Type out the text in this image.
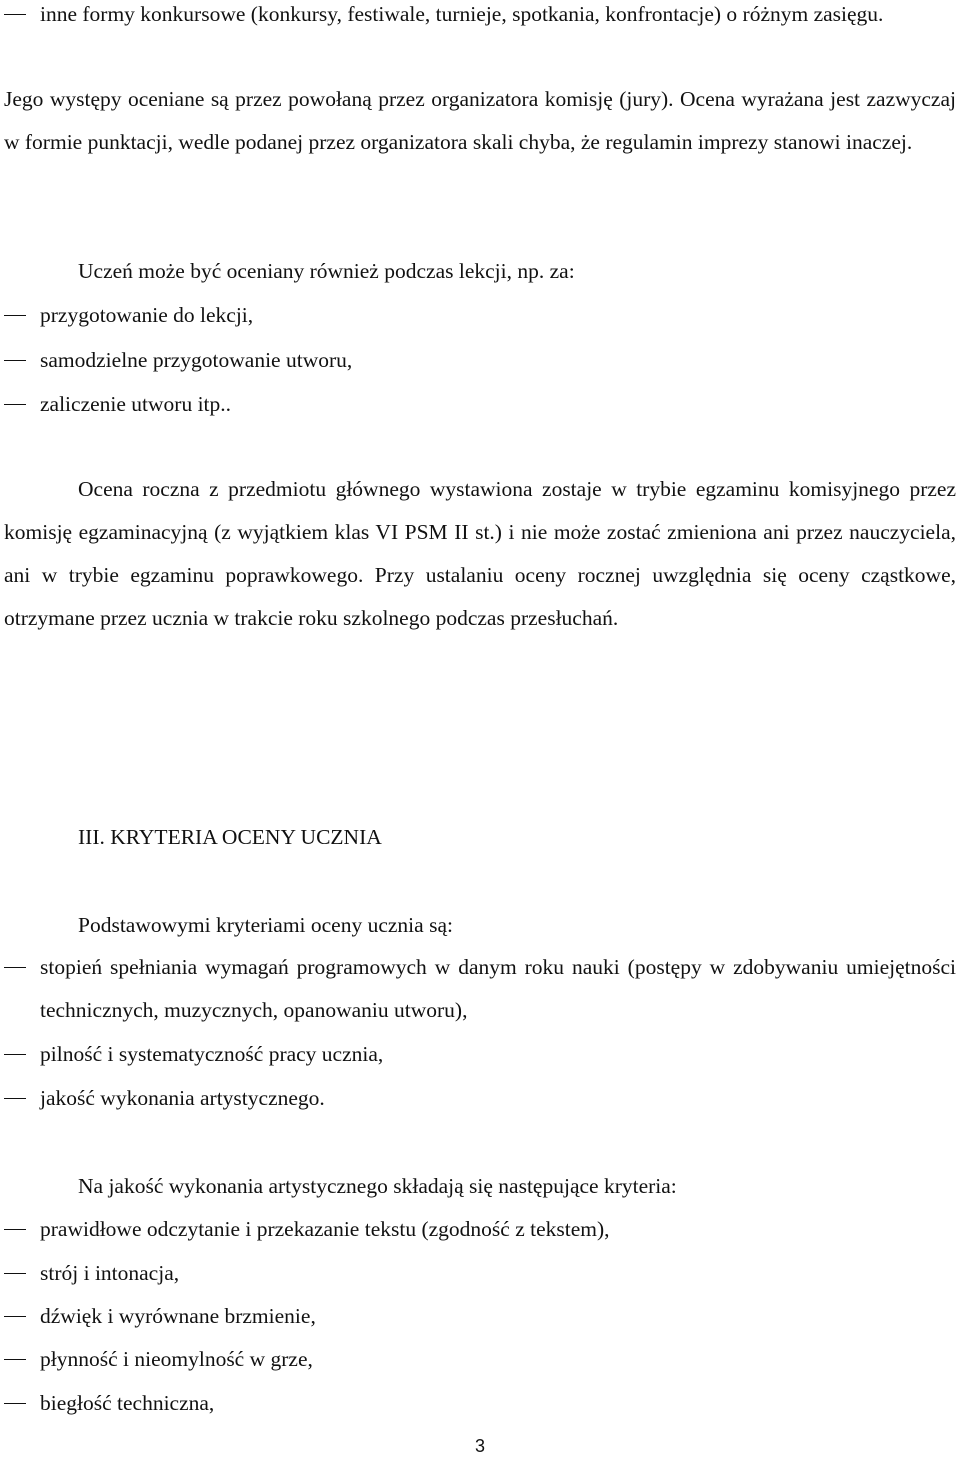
inne formy konkursowe (konkursy, festiwale, turnieje, spotkania, konfrontacje) o różnym zasięgu.

Jego występy oceniane są przez powołaną przez organizatora komisję (jury). Ocena wyrażana jest zazwyczaj w formie punktacji, wedle podanej przez organizatora skali chyba, że regulamin imprezy stanowi inaczej.

Uczeń może być oceniany również podczas lekcji, np. za:

przygotowanie do lekcji,

samodzielne przygotowanie utworu,

zaliczenie utworu itp..

Ocena roczna z przedmiotu głównego wystawiona zostaje w trybie egzaminu komisyjnego przez komisję egzaminacyjną (z wyjątkiem klas VI PSM II st.) i nie może zostać zmieniona ani przez nauczyciela, ani w trybie egzaminu poprawkowego. Przy ustalaniu oceny rocznej uwzględnia się oceny cząstkowe, otrzymane przez ucznia w trakcie roku szkolnego podczas przesłuchań.

III. KRYTERIA OCENY UCZNIA
Podstawowymi kryteriami oceny ucznia są:

stopień spełniania wymagań programowych w danym roku nauki (postępy w zdobywaniu umiejętności technicznych, muzycznych, opanowaniu utworu),

pilność i systematyczność pracy ucznia,

jakość wykonania artystycznego.

Na jakość wykonania artystycznego składają się następujące kryteria:

prawidłowe odczytanie i przekazanie tekstu (zgodność z tekstem),

strój i intonacja,

dźwięk i wyrównane brzmienie,

płynność i nieomylność w grze,

biegłość techniczna,

3
